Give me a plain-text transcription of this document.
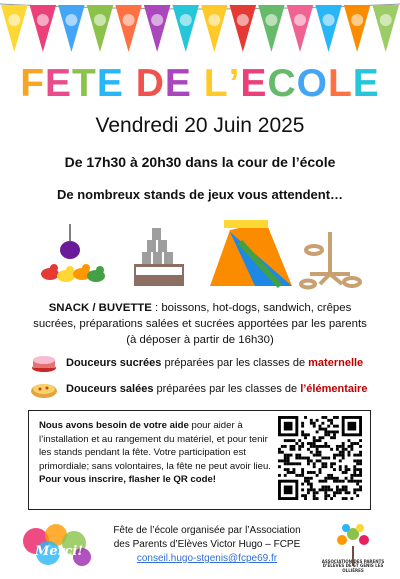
FETE DE L’ECOLE
Vendredi 20 Juin 2025
De 17h30 à 20h30 dans la cour de l’école
De nombreux stands de jeux vous attendent…
SNACK / BUVETTE : boissons, hot-dogs, sandwich, crêpes sucrées, préparations salées et sucrées apportées par les parents (à déposer à partir de 16h30)
Douceurs sucrées préparées par les classes de maternelle
Douceurs salées préparées par les classes de l’élémentaire
Nous avons besoin de votre aide pour aider à l’installation et au rangement du matériel, et pour tenir les stands pendant la fête. Votre participation est primordiale; sans volontaires, la fête ne peut avoir lieu.
Pour vous inscrire, flasher le QR code!
Merci!
Fête de l’école organisée par l’Association
des Parents d’Elèves Victor Hugo – FCPE
conseil.hugo-stgenis@fcpe69.fr	ASSOCIATION DES PARENTS D’ÉLÈVES DE ST GENIS LES OLLIÈRES
